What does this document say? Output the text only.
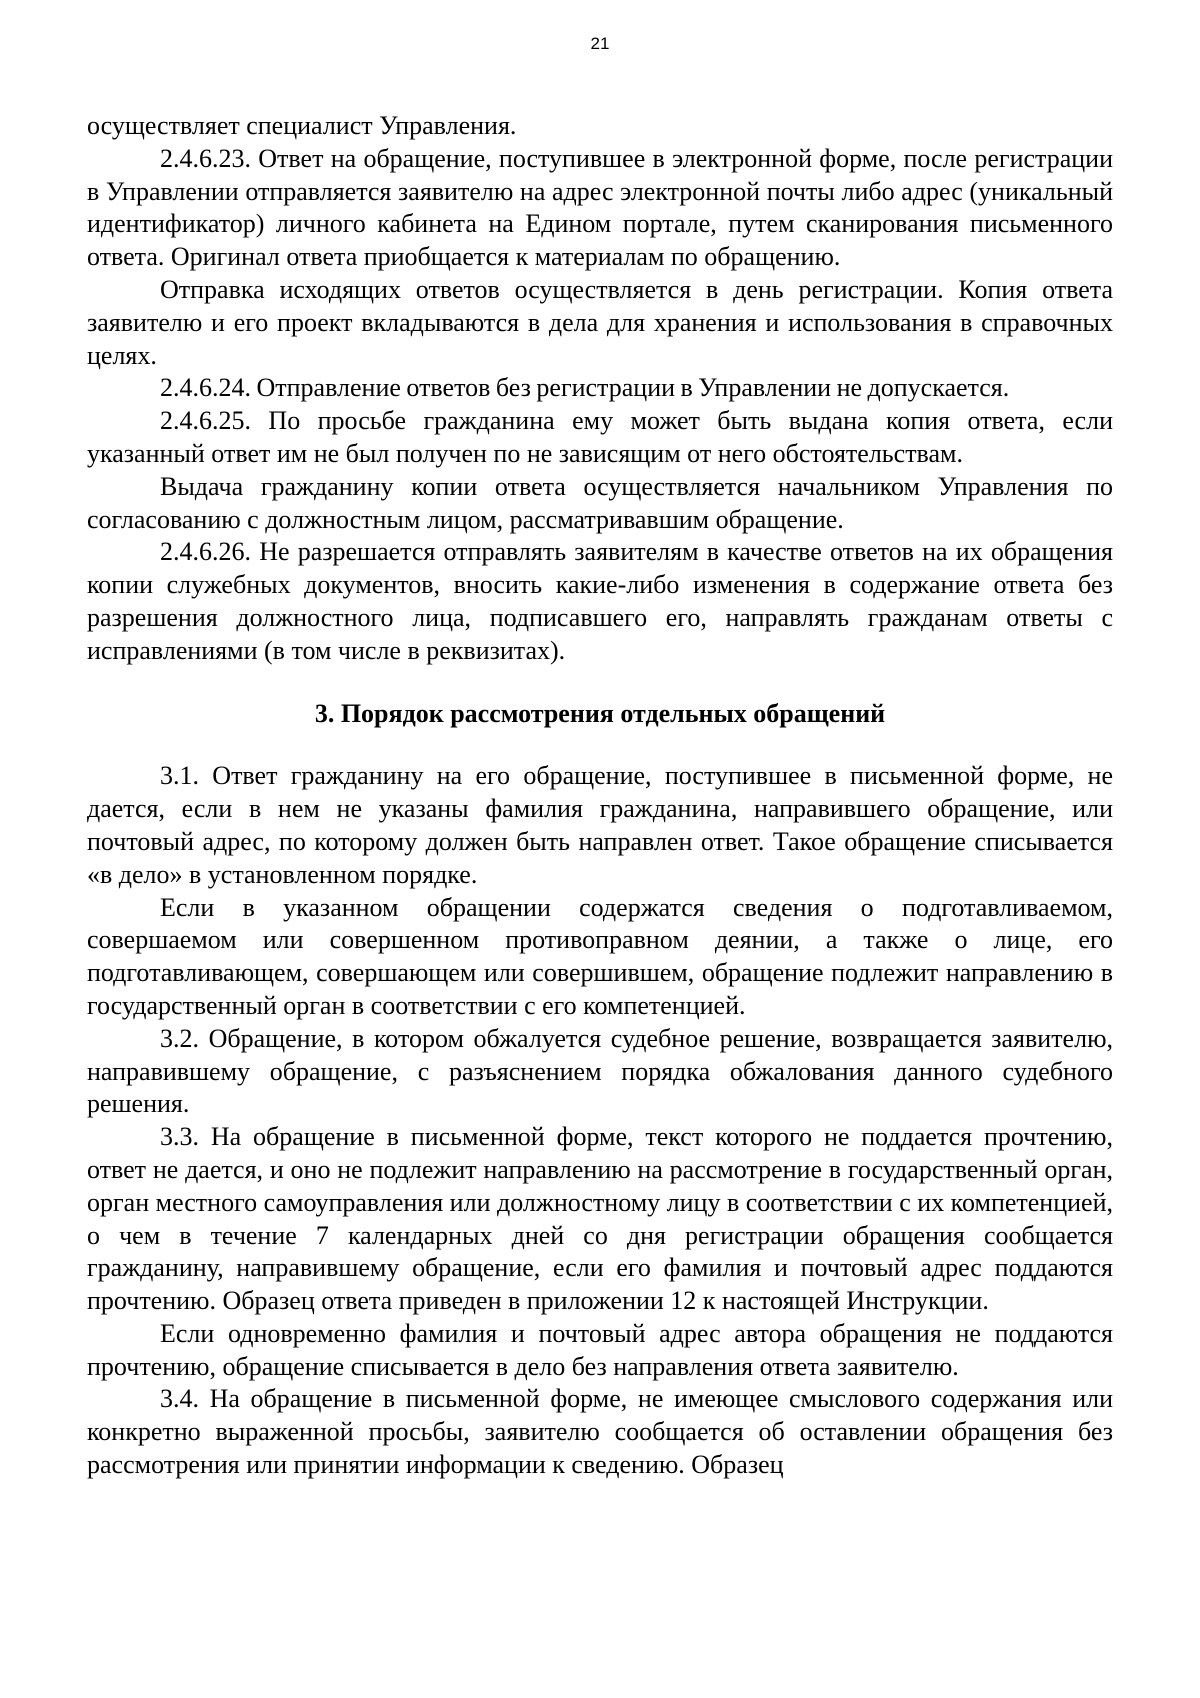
21

осуществляет специалист Управления.

2.4.6.23. Ответ на обращение, поступившее в электронной форме, после регистрации в Управлении отправляется заявителю на адрес электронной почты либо адрес (уникальный идентификатор) личного кабинета на Едином портале, путем сканирования письменного ответа. Оригинал ответа приобщается к материалам по обращению.

Отправка исходящих ответов осуществляется в день регистрации. Копия ответа заявителю и его проект вкладываются в дела для хранения и использования в справочных целях.

2.4.6.24. Отправление ответов без регистрации в Управлении не допускается.

2.4.6.25. По просьбе гражданина ему может быть выдана копия ответа, если указанный ответ им не был получен по не зависящим от него обстоятельствам.

Выдача гражданину копии ответа осуществляется начальником Управления по согласованию с должностным лицом, рассматривавшим обращение.

2.4.6.26. Не разрешается отправлять заявителям в качестве ответов на их обращения копии служебных документов, вносить какие-либо изменения в содержание ответа без разрешения должностного лица, подписавшего его, направлять гражданам ответы с исправлениями (в том числе в реквизитах).

3. Порядок рассмотрения отдельных обращений

3.1. Ответ гражданину на его обращение, поступившее в письменной форме, не дается, если в нем не указаны фамилия гражданина, направившего обращение, или почтовый адрес, по которому должен быть направлен ответ. Такое обращение списывается «в дело» в установленном порядке.

Если в указанном обращении содержатся сведения о подготавливаемом, совершаемом или совершенном противоправном деянии, а также о лице, его подготавливающем, совершающем или совершившем, обращение подлежит направлению в государственный орган в соответствии с его компетенцией.

3.2. Обращение, в котором обжалуется судебное решение, возвращается заявителю, направившему обращение, с разъяснением порядка обжалования данного судебного решения.

3.3. На обращение в письменной форме, текст которого не поддается прочтению, ответ не дается, и оно не подлежит направлению на рассмотрение в государственный орган, орган местного самоуправления или должностному лицу в соответствии с их компетенцией, о чем в течение 7 календарных дней со дня регистрации обращения сообщается гражданину, направившему обращение, если его фамилия и почтовый адрес поддаются прочтению. Образец ответа приведен в приложении 12 к настоящей Инструкции.

Если одновременно фамилия и почтовый адрес автора обращения не поддаются прочтению, обращение списывается в дело без направления ответа заявителю.

3.4. На обращение в письменной форме, не имеющее смыслового содержания или конкретно выраженной просьбы, заявителю сообщается об оставлении обращения без рассмотрения или принятии информации к сведению. Образец
